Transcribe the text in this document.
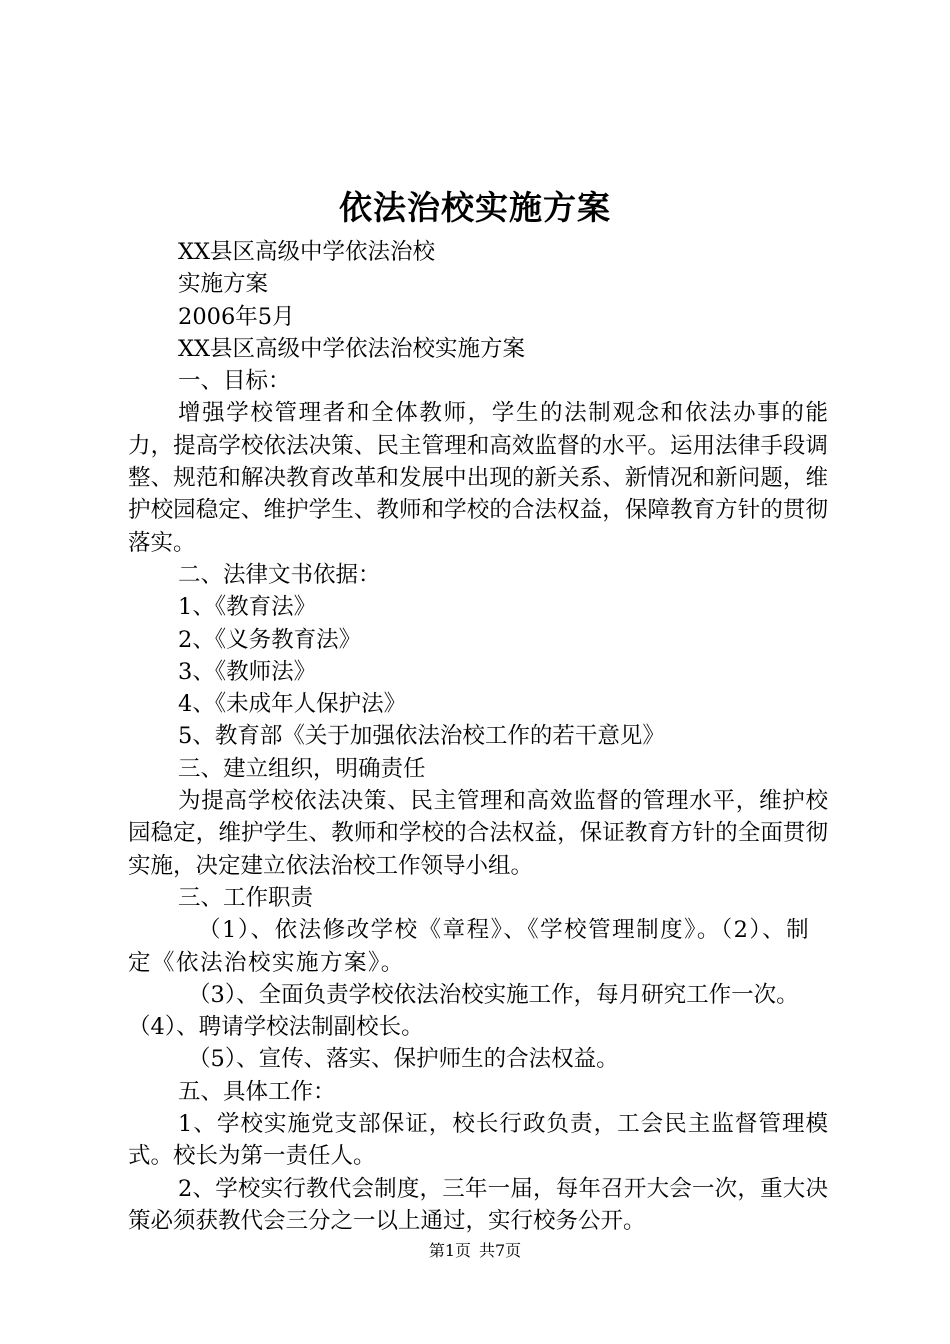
依法治校实施方案

XX县区高级中学依法治校

实施方案

2006年5月

XX县区高级中学依法治校实施方案

一、目标：

增强学校管理者和全体教师，学生的法制观念和依法办事的能力，提高学校依法决策、民主管理和高效监督的水平。运用法律手段调整、规范和解决教育改革和发展中出现的新关系、新情况和新问题，维护校园稳定、维护学生、教师和学校的合法权益，保障教育方针的贯彻落实。

二、法律文书依据：

1、《教育法》

2、《义务教育法》

3、《教师法》

4、《未成年人保护法》

5、教育部《关于加强依法治校工作的若干意见》

三、建立组织，明确责任

为提高学校依法决策、民主管理和高效监督的管理水平，维护校园稳定，维护学生、教师和学校的合法权益，保证教育方针的全面贯彻实施，决定建立依法治校工作领导小组。

三、工作职责

（1）、依法修改学校《章程》、《学校管理制度》。（2）、制定《依法治校实施方案》。

（3）、全面负责学校依法治校实施工作，每月研究工作一次。（4）、聘请学校法制副校长。

（5）、宣传、落实、保护师生的合法权益。

五、具体工作：

1、学校实施党支部保证，校长行政负责，工会民主监督管理模式。校长为第一责任人。

2、学校实行教代会制度，三年一届，每年召开大会一次，重大决策必须获教代会三分之一以上通过，实行校务公开。

第1页 共7页
